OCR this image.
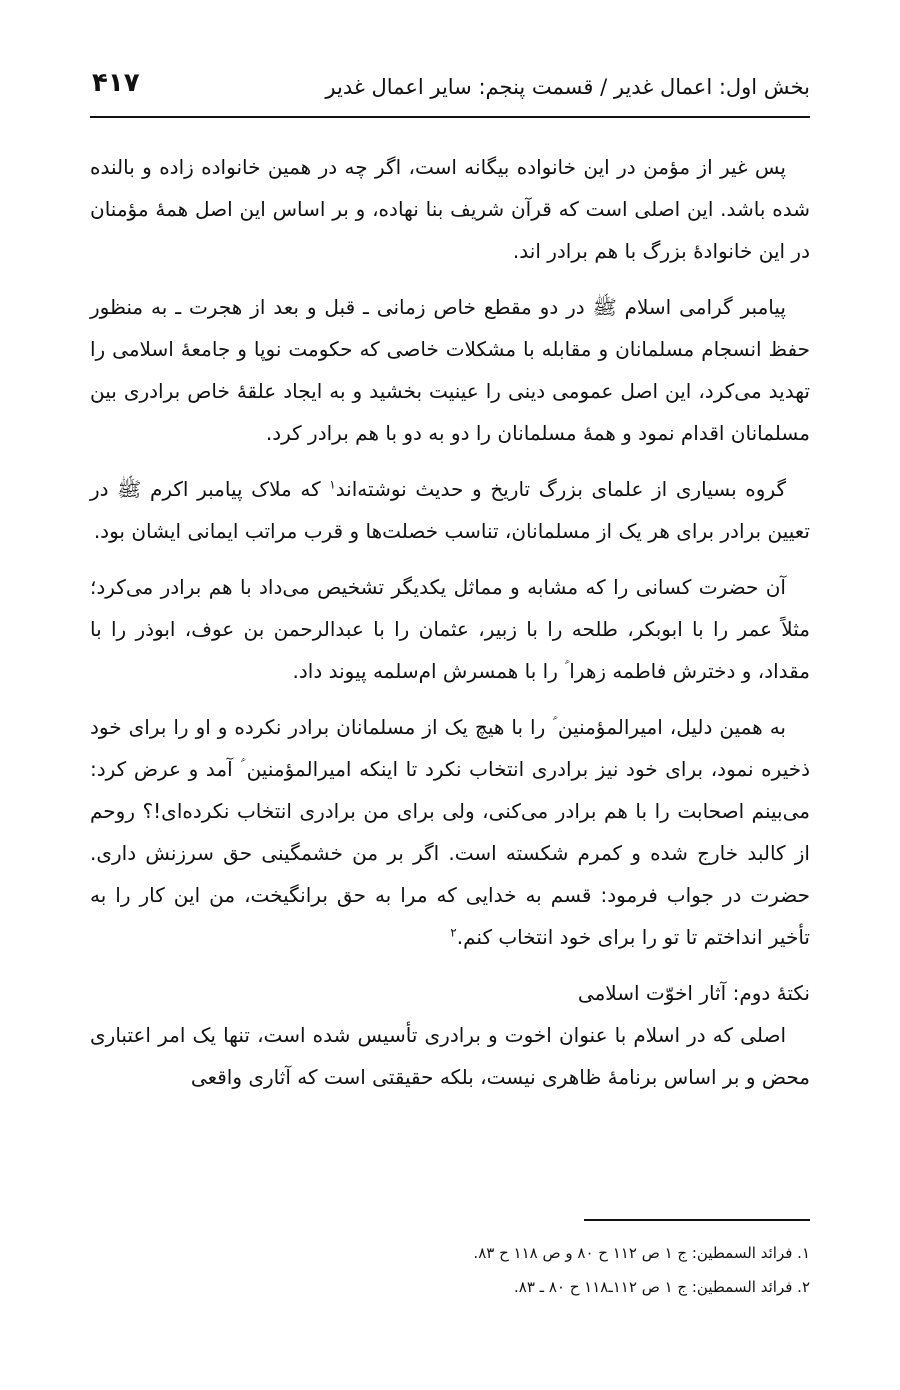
بخش اول: اعمال غدیر / قسمت پنجم: سایر اعمال غدیر
۴۱۷

پس غیر از مؤمن در این خانواده بیگانه است، اگر چه در همین خانواده زاده و بالنده شده باشد. این اصلی است که قرآن شریف بنا نهاده، و بر اساس این اصل همهٔ مؤمنان در این خانوادهٔ بزرگ با هم برادر اند.

پیامبر گرامی اسلام ﷺ در دو مقطع خاص زمانی ـ قبل و بعد از هجرت ـ به منظور حفظ انسجام مسلمانان و مقابله با مشکلات خاصی که حکومت نوپا و جامعهٔ اسلامی را تهدید می‌کرد، این اصل عمومی دینی را عینیت بخشید و به ایجاد علقهٔ خاص برادری بین مسلمانان اقدام نمود و همهٔ مسلمانان را دو به دو با هم برادر کرد.

گروه بسیاری از علمای بزرگ تاریخ و حدیث نوشته‌اند$^۱$ که ملاک پیامبر اکرم ﷺ در تعیین برادر برای هر یک از مسلمانان، تناسب خصلت‌ها و قرب مراتب ایمانی ایشان بود.

آن حضرت کسانی را که مشابه و مماثل یکدیگر تشخیص می‌داد با هم برادر می‌کرد؛ مثلاً عمر را با ابوبکر، طلحه را با زبیر، عثمان را با عبدالرحمن بن عوف، ابوذر را با مقداد، و دخترش فاطمه زهرا ؑ را با همسرش ام‌سلمه پیوند داد.

به همین دلیل، امیرالمؤمنین ؑ را با هیچ یک از مسلمانان برادر نکرده و او را برای خود ذخیره نمود، برای خود نیز برادری انتخاب نکرد تا اینکه امیرالمؤمنین ؑ آمد و عرض کرد: می‌بینم اصحابت را با هم برادر می‌کنی، ولی برای من برادری انتخاب نکرده‌ای!؟ روحم از کالبد خارج شده و کمرم شکسته است. اگر بر من خشمگینی حق سرزنش داری. حضرت در جواب فرمود: قسم به خدایی که مرا به حق برانگیخت، من این کار را به تأخیر انداختم تا تو را برای خود انتخاب کنم.$^۲$

نکتهٔ دوم: آثار اخوّت اسلامی

اصلی که در اسلام با عنوان اخوت و برادری تأسیس شده است، تنها یک امر اعتباری محض و بر اساس برنامهٔ ظاهری نیست، بلکه حقیقتی است که آثاری واقعی

۱. فرائد السمطین: ج ۱ ص ۱۱۲ ح ۸۰ و ص ۱۱۸ ح ۸۳.

۲. فرائد السمطین: ج ۱ ص ۱۱۲ـ۱۱۸ ح ۸۰ ـ ۸۳.
